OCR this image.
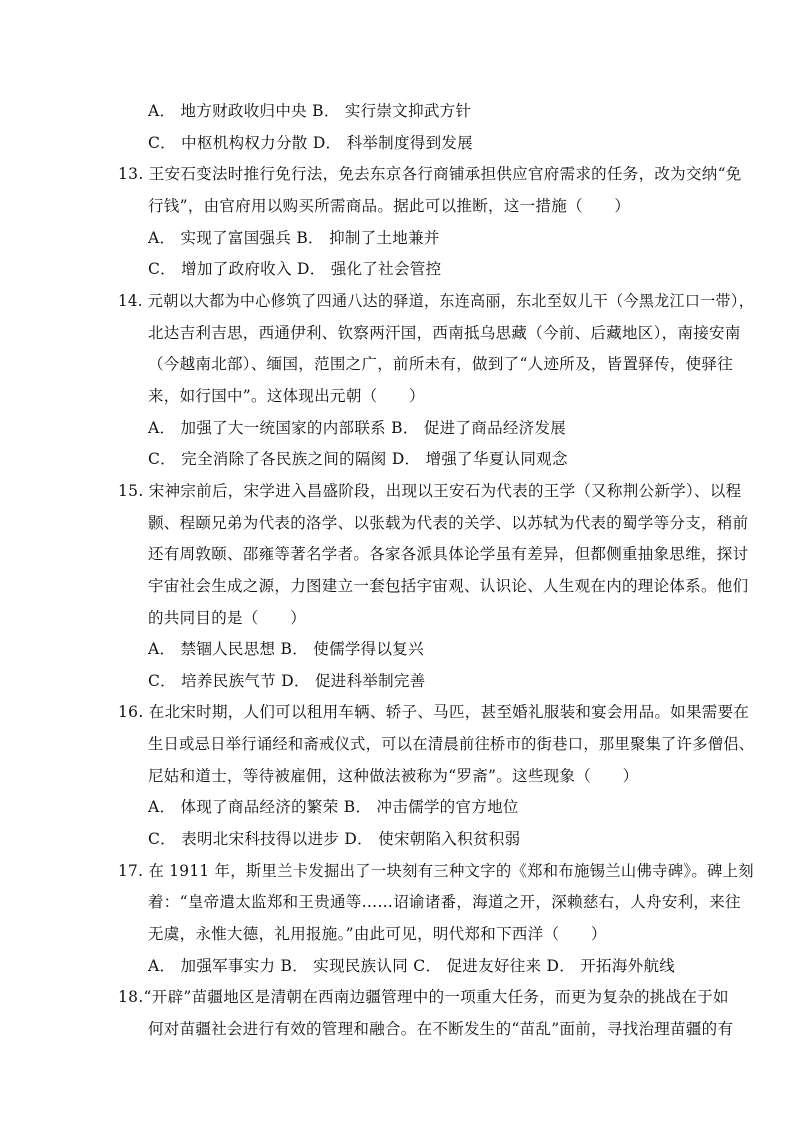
A． 地方财政收归中央 B． 实行崇文抑武方针
C． 中枢机构权力分散 D． 科举制度得到发展
13. 王安石变法时推行免行法，免去东京各行商铺承担供应官府需求的任务，改为交纳“免
行钱”，由官府用以购买所需商品。据此可以推断，这一措施（　　）
A． 实现了富国强兵 B． 抑制了土地兼并
C． 增加了政府收入 D． 强化了社会管控
14. 元朝以大都为中心修筑了四通八达的驿道，东连高丽，东北至奴儿干（今黑龙江口一带），
北达吉利吉思，西通伊利、钦察两汗国，西南抵乌思藏（今前、后藏地区），南接安南
（今越南北部）、缅国，范围之广，前所未有，做到了“人迹所及，皆置驿传，使驿往
来，如行国中”。这体现出元朝（　　）
A． 加强了大一统国家的内部联系 B． 促进了商品经济发展
C． 完全消除了各民族之间的隔阂 D． 增强了华夏认同观念
15. 宋神宗前后，宋学进入昌盛阶段，出现以王安石为代表的王学（又称荆公新学）、以程
颢、程颐兄弟为代表的洛学、以张载为代表的关学、以苏轼为代表的蜀学等分支，稍前
还有周敦颐、邵雍等著名学者。各家各派具体论学虽有差异，但都侧重抽象思维，探讨
宇宙社会生成之源，力图建立一套包括宇宙观、认识论、人生观在内的理论体系。他们
的共同目的是（　　）
A． 禁锢人民思想 B． 使儒学得以复兴
C． 培养民族气节 D． 促进科举制完善
16. 在北宋时期，人们可以租用车辆、轿子、马匹，甚至婚礼服装和宴会用品。如果需要在
生日或忌日举行诵经和斋戒仪式，可以在清晨前往桥市的街巷口，那里聚集了许多僧侣、
尼姑和道士，等待被雇佣，这种做法被称为“罗斋”。这些现象（　　）
A． 体现了商品经济的繁荣 B． 冲击儒学的官方地位
C． 表明北宋科技得以进步 D． 使宋朝陷入积贫积弱
17. 在 1911 年，斯里兰卡发掘出了一块刻有三种文字的《郑和布施锡兰山佛寺碑》。碑上刻
着：“皇帝遣太监郑和王贵通等……诏谕诸番，海道之开，深赖慈右，人舟安利，来往
无虞，永惟大德，礼用报施。”由此可见，明代郑和下西洋（　　）
A． 加强军事实力 B． 实现民族认同 C． 促进友好往来 D． 开拓海外航线
18.“开辟”苗疆地区是清朝在西南边疆管理中的一项重大任务，而更为复杂的挑战在于如
何对苗疆社会进行有效的管理和融合。在不断发生的“苗乱”面前，寻找治理苗疆的有
